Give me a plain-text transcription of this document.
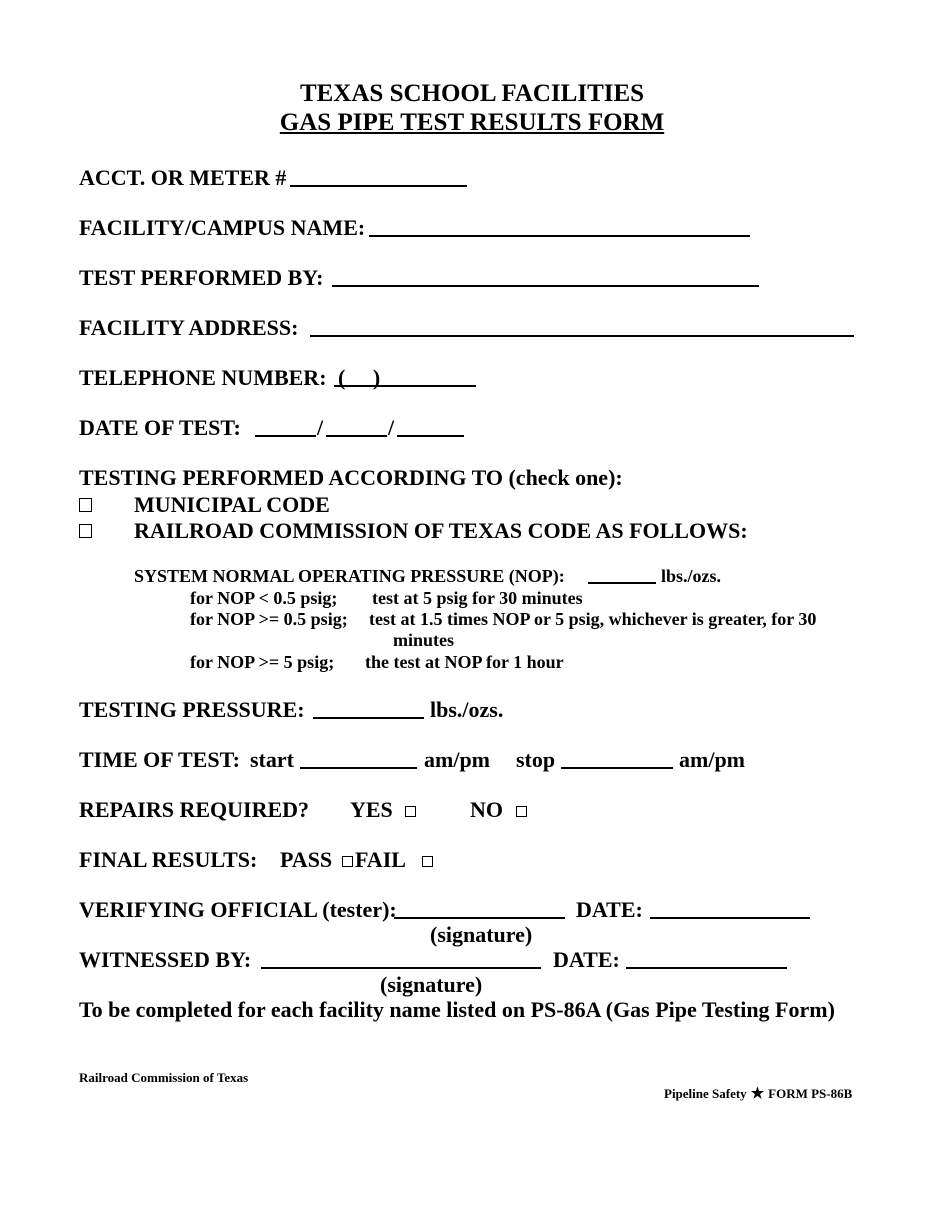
TEXAS SCHOOL FACILITIES
GAS PIPE TEST RESULTS FORM
ACCT. OR METER #
FACILITY/CAMPUS NAME:
TEST PERFORMED BY:
FACILITY ADDRESS:
TELEPHONE NUMBER: (     )
DATE OF TEST:	/	/
TESTING PERFORMED ACCORDING TO (check one):
MUNICIPAL CODE
RAILROAD COMMISSION OF TEXAS CODE AS FOLLOWS:
SYSTEM NORMAL OPERATING PRESSURE (NOP):	lbs./ozs.
for NOP < 0.5 psig; test at 5 psig for 30 minutes
for NOP >= 0.5 psig; test at 1.5 times NOP or 5 psig, whichever is greater, for 30
minutes
for NOP >= 5 psig; the test at NOP for 1 hour
TESTING PRESSURE:	lbs./ozs.
TIME OF TEST: start	am/pm stop	am/pm
REPAIRS REQUIRED? YES	NO
FINAL RESULTS: PASS FAIL
VERIFYING OFFICIAL (tester):	DATE:
(signature)
WITNESSED BY:	DATE:
(signature)
To be completed for each facility name listed on PS-86A (Gas Pipe Testing Form)
Railroad Commission of Texas
Pipeline Safety ★ FORM PS-86B
